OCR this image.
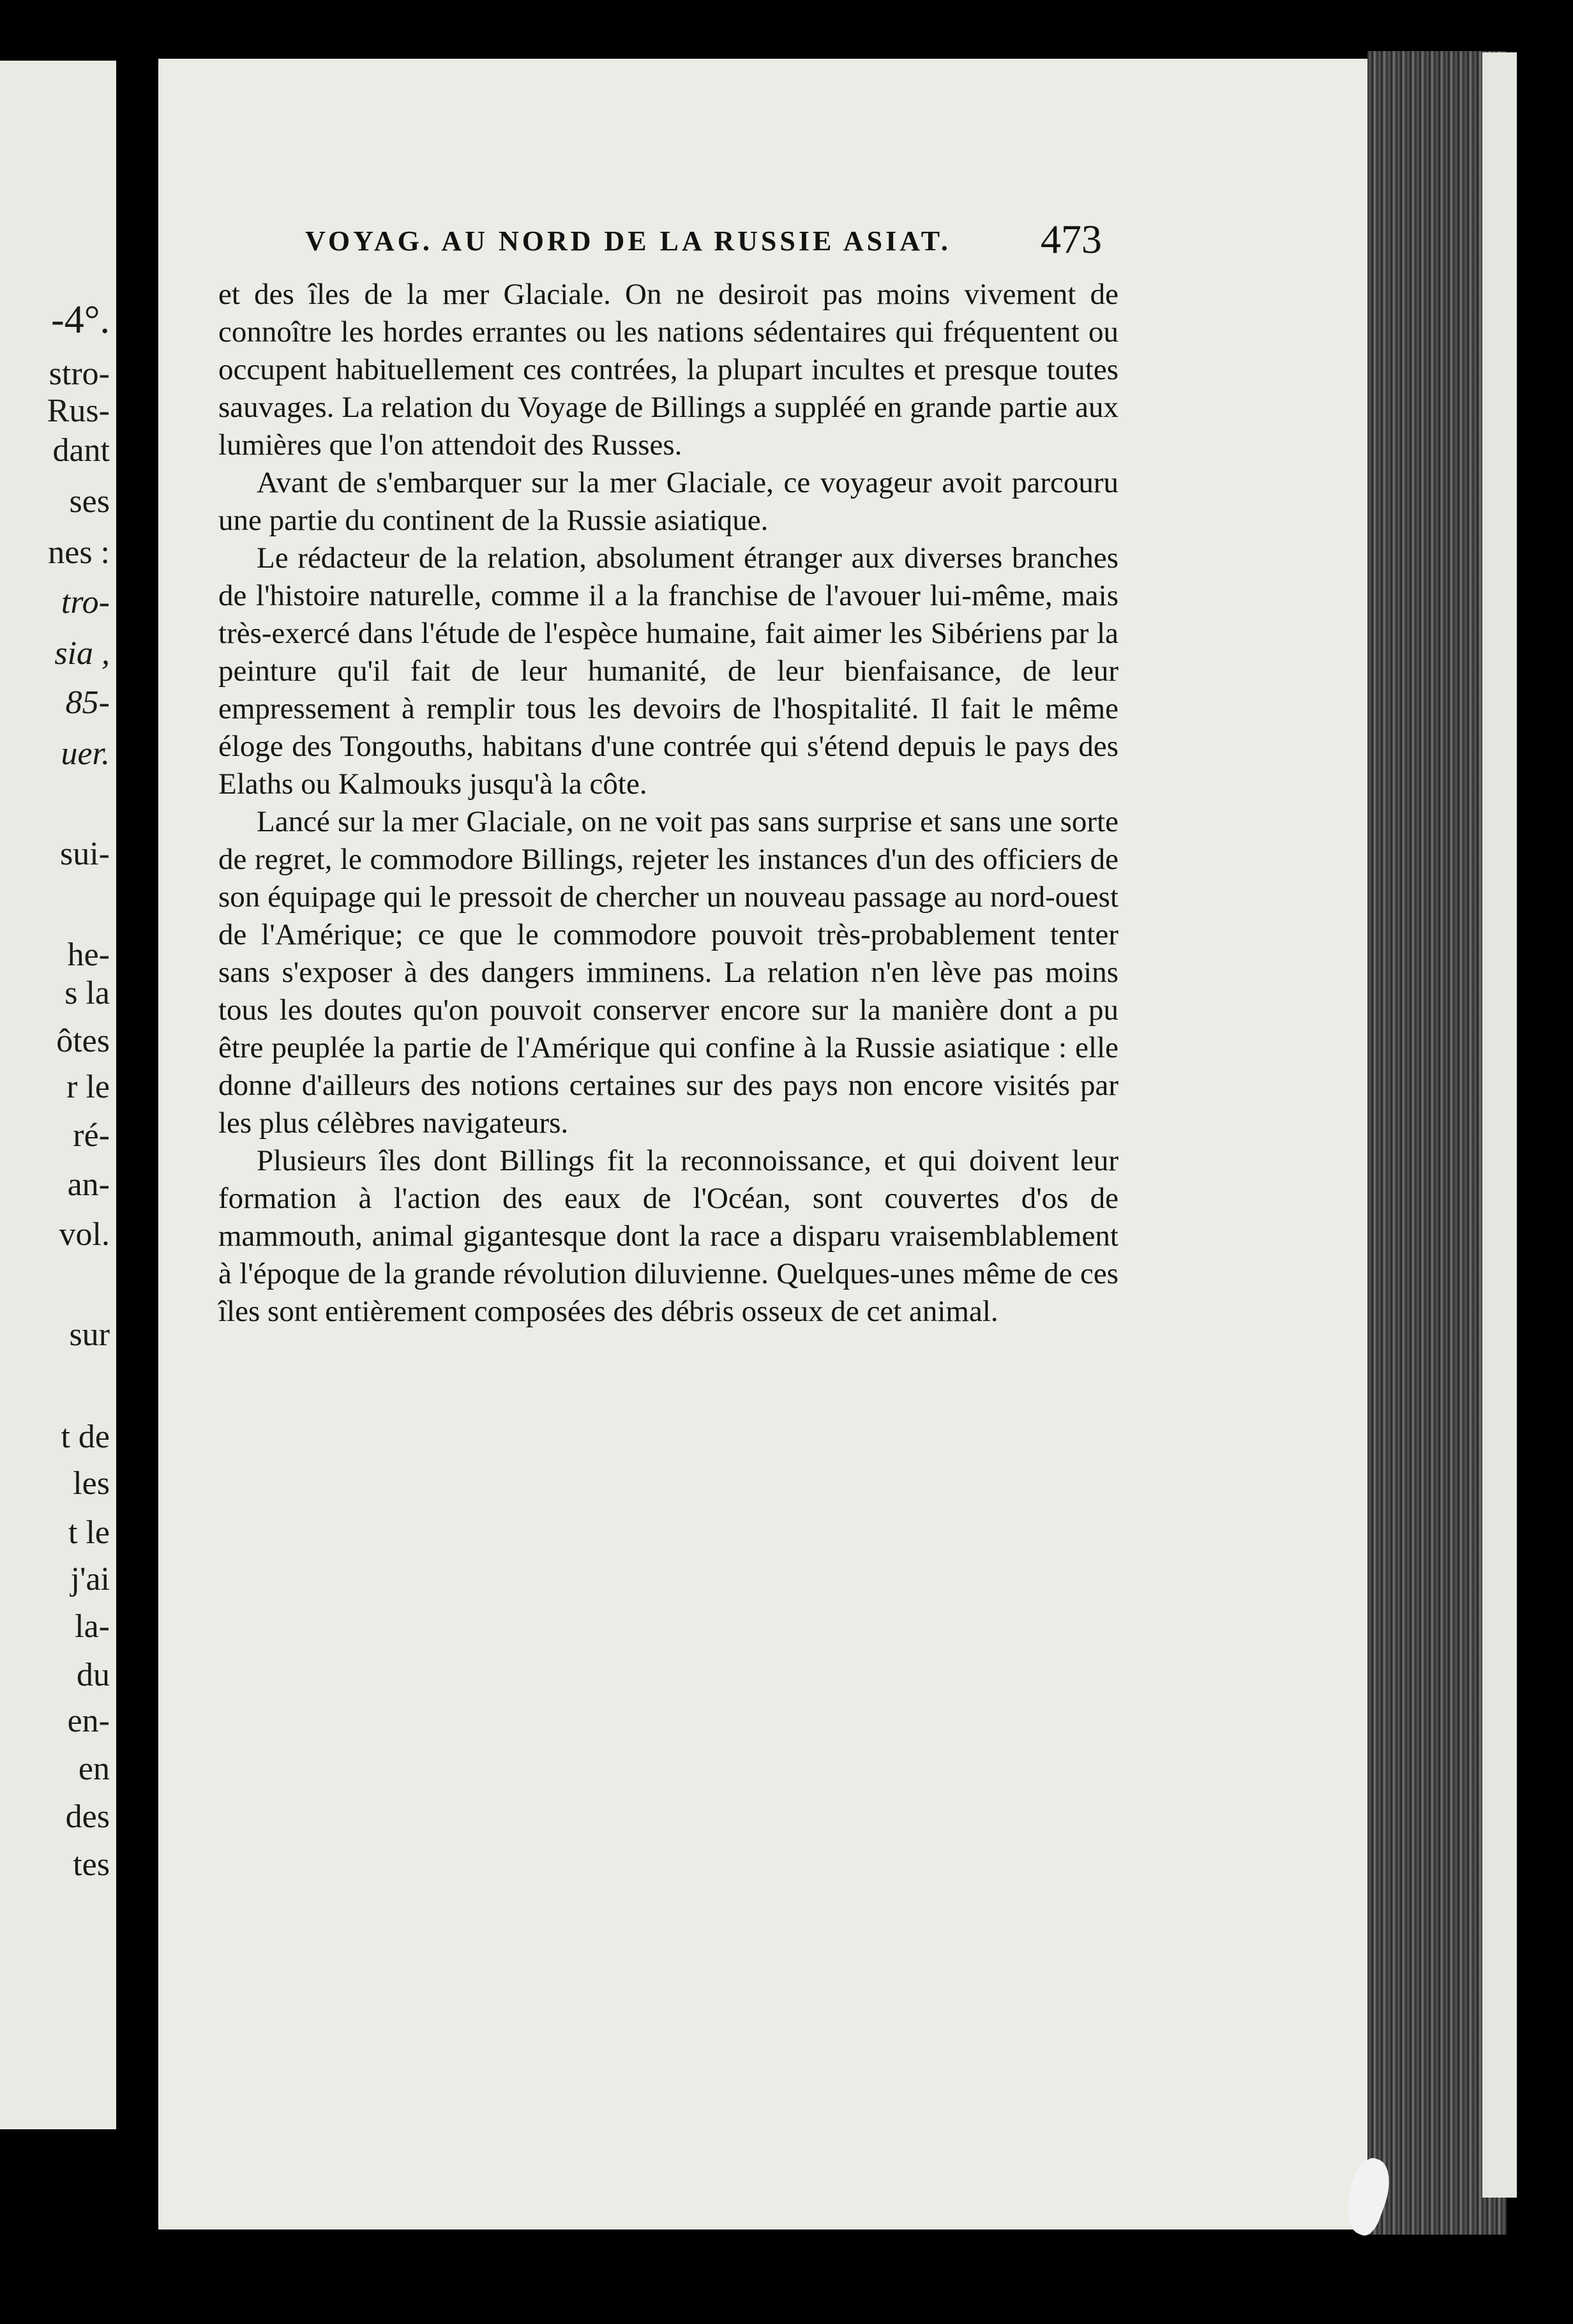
-4°.
stro-
Rus-
dant
ses
nes :
tro-
sia ,
85-
uer.
sui-
he-
s la
ôtes
r le
ré-
an-
vol.
sur
t de
les
t le
j'ai
la-
du
en-
en
des
tes
VOYAG. AU NORD DE LA RUSSIE ASIAT.	473

et des îles de la mer Glaciale. On ne desiroit pas moins vivement de connoître les hordes errantes ou les nations sédentaires qui fréquentent ou occupent habituellement ces contrées, la plupart incultes et presque toutes sauvages. La relation du Voyage de Billings a suppléé en grande partie aux lumières que l'on attendoit des Russes.

Avant de s'embarquer sur la mer Glaciale, ce voyageur avoit parcouru une partie du continent de la Russie asiatique.

Le rédacteur de la relation, absolument étranger aux diverses branches de l'histoire naturelle, comme il a la franchise de l'avouer lui-même, mais très-exercé dans l'étude de l'espèce humaine, fait aimer les Sibériens par la peinture qu'il fait de leur humanité, de leur bienfaisance, de leur empressement à remplir tous les devoirs de l'hospitalité. Il fait le même éloge des Tongouths, habitans d'une contrée qui s'étend depuis le pays des Elaths ou Kalmouks jusqu'à la côte.

Lancé sur la mer Glaciale, on ne voit pas sans surprise et sans une sorte de regret, le commodore Billings, rejeter les instances d'un des officiers de son équipage qui le pressoit de chercher un nouveau passage au nord-ouest de l'Amérique; ce que le commodore pouvoit très-probablement tenter sans s'exposer à des dangers imminens. La relation n'en lève pas moins tous les doutes qu'on pouvoit conserver encore sur la manière dont a pu être peuplée la partie de l'Amérique qui confine à la Russie asiatique : elle donne d'ailleurs des notions certaines sur des pays non encore visités par les plus célèbres navigateurs.

Plusieurs îles dont Billings fit la reconnoissance, et qui doivent leur formation à l'action des eaux de l'Océan, sont couvertes d'os de mammouth, animal gigantesque dont la race a disparu vraisemblablement à l'époque de la grande révolution diluvienne. Quelques-unes même de ces îles sont entièrement composées des débris osseux de cet animal.
